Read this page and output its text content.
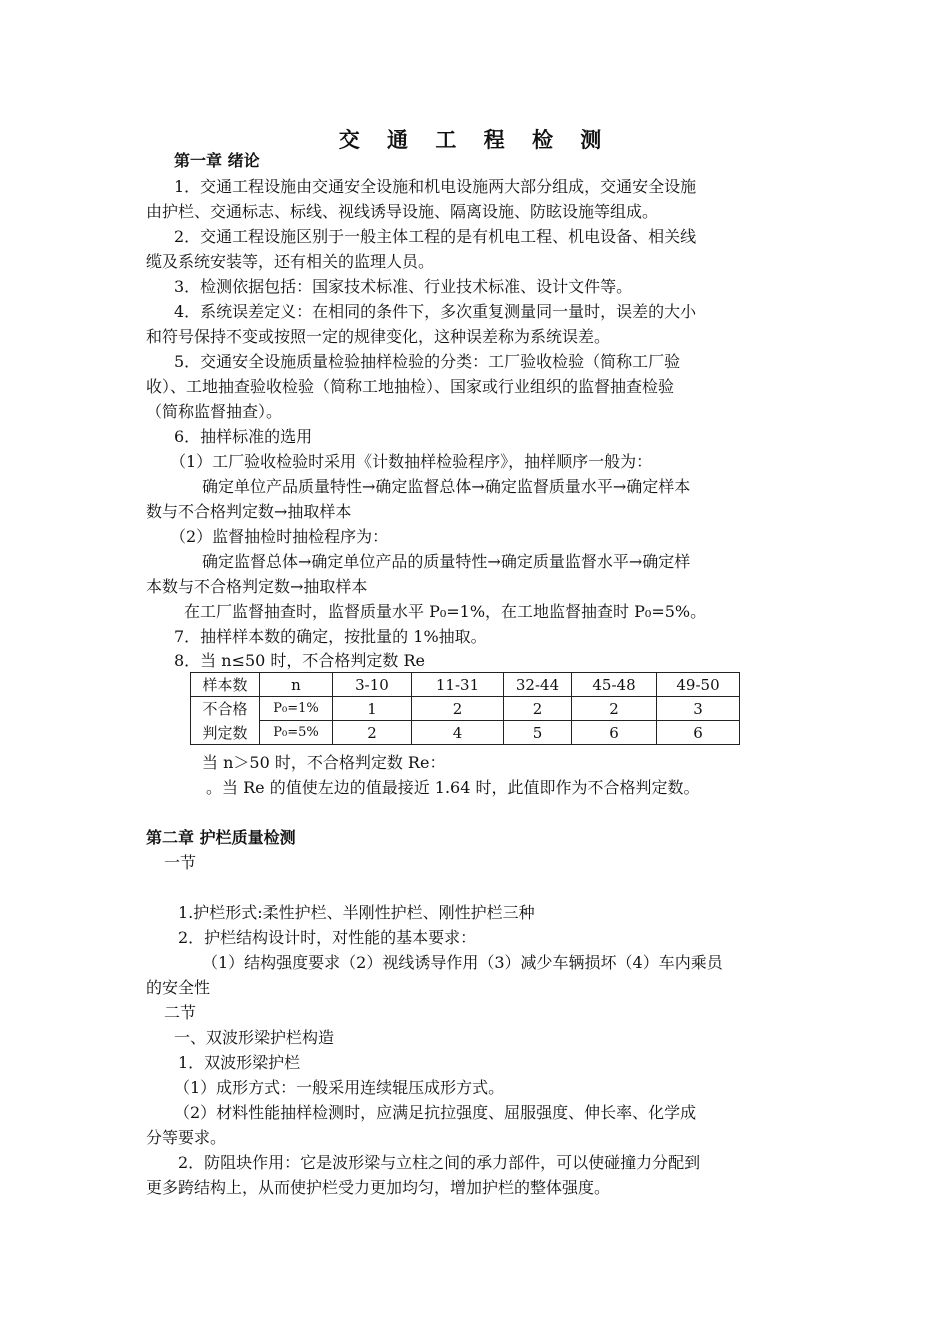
交 通 工 程 检 测
第一章 绪论
1．交通工程设施由交通安全设施和机电设施两大部分组成，交通安全设施
由护栏、交通标志、标线、视线诱导设施、隔离设施、防眩设施等组成。
2．交通工程设施区别于一般主体工程的是有机电工程、机电设备、相关线
缆及系统安装等，还有相关的监理人员。
3．检测依据包括：国家技术标准、行业技术标准、设计文件等。
4．系统误差定义：在相同的条件下，多次重复测量同一量时，误差的大小
和符号保持不变或按照一定的规律变化，这种误差称为系统误差。
5．交通安全设施质量检验抽样检验的分类：工厂验收检验（简称工厂验
收）、工地抽查验收检验（简称工地抽检）、国家或行业组织的监督抽查检验
（简称监督抽查）。
6．抽样标准的选用
（1）工厂验收检验时采用《计数抽样检验程序》，抽样顺序一般为：
确定单位产品质量特性→确定监督总体→确定监督质量水平→确定样本
数与不合格判定数→抽取样本
（2）监督抽检时抽检程序为：
确定监督总体→确定单位产品的质量特性→确定质量监督水平→确定样
本数与不合格判定数→抽取样本
在工厂监督抽查时，监督质量水平 P₀=1%，在工地监督抽查时 P₀=5%。
7．抽样样本数的确定，按批量的 1%抽取。
8．当 n≤50 时，不合格判定数 Re
样本数	n	3-10	11-31	32-44	45-48	49-50
不合格	P₀=1%	1	2	2	2	3
判定数	P₀=5%	2	4	5	6	6
当 n＞50 时，不合格判定数 Re：
。当 Re 的值使左边的值最接近 1.64 时，此值即作为不合格判定数。
第二章 护栏质量检测
一节
1.护栏形式:柔性护栏、半刚性护栏、刚性护栏三种
2．护栏结构设计时，对性能的基本要求：
（1）结构强度要求（2）视线诱导作用（3）减少车辆损坏（4）车内乘员
的安全性
二节
一、双波形梁护栏构造
1．双波形梁护栏
（1）成形方式：一般采用连续辊压成形方式。
（2）材料性能抽样检测时，应满足抗拉强度、屈服强度、伸长率、化学成
分等要求。
2．防阻块作用：它是波形梁与立柱之间的承力部件，可以使碰撞力分配到
更多跨结构上，从而使护栏受力更加均匀，增加护栏的整体强度。
